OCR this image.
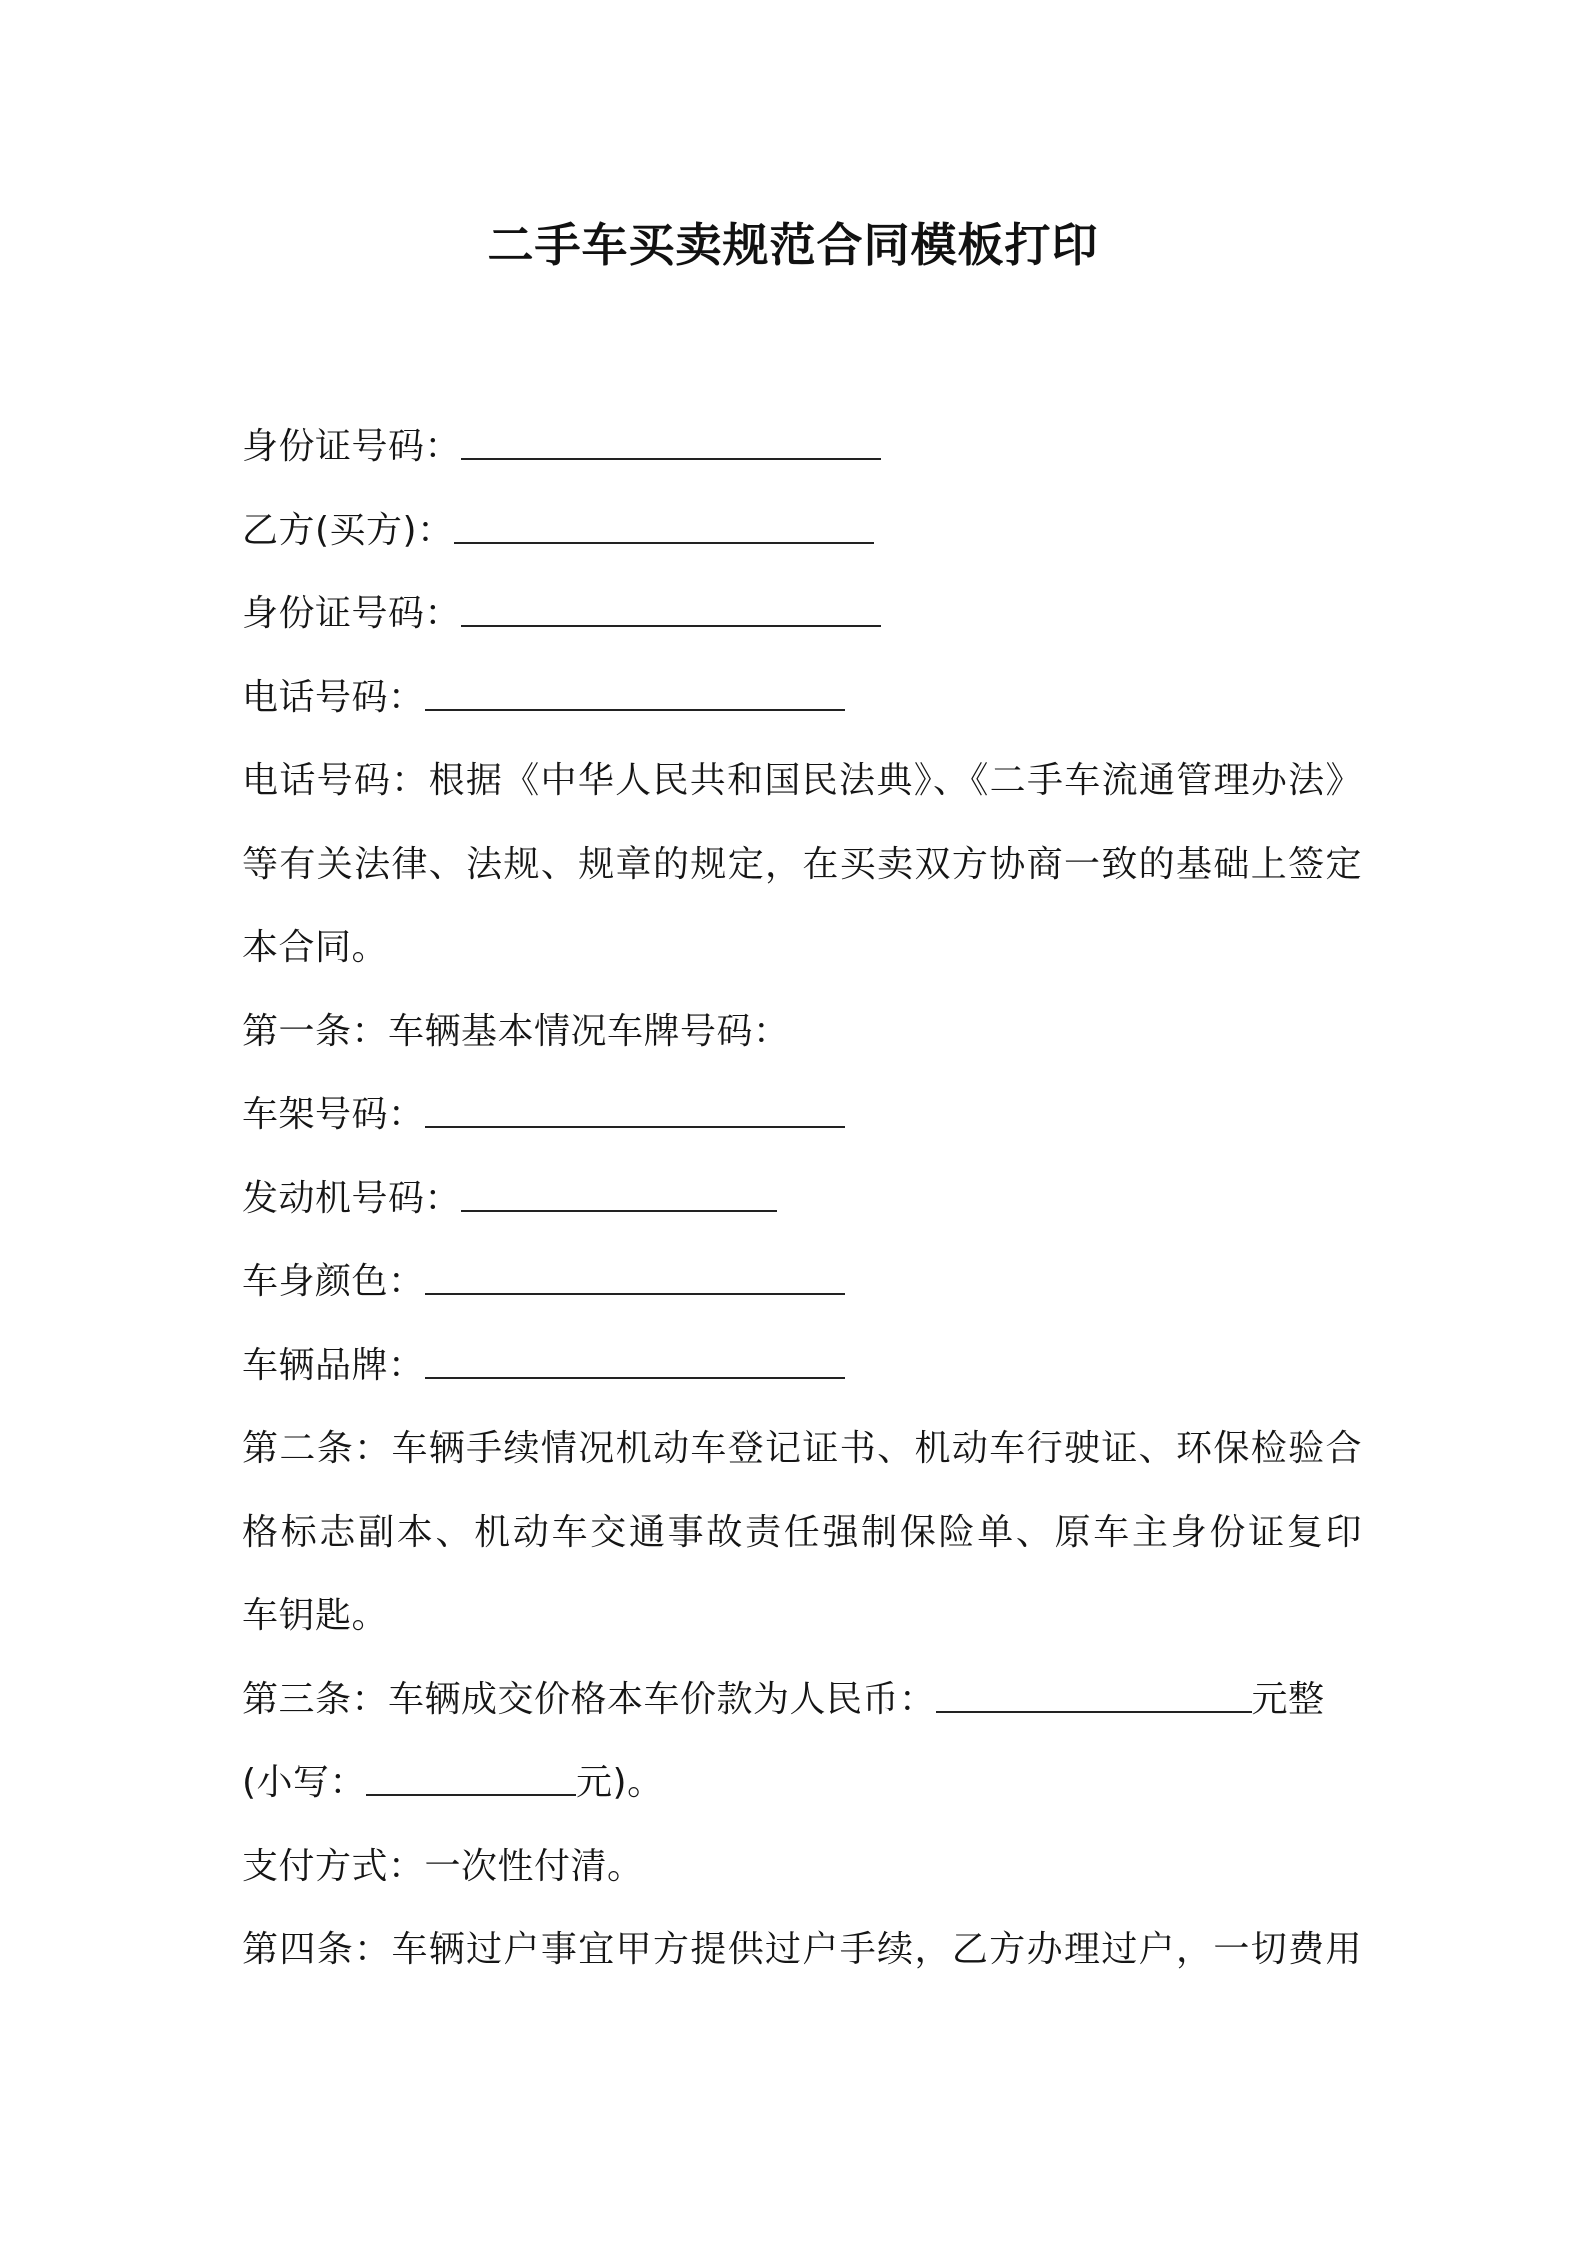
二手车买卖规范合同模板打印
身份证号码：
乙方(买方)：
身份证号码：
电话号码：
电话号码：根据《中华人民共和国民法典》、《二手车流通管理办法》
等有关法律、法规、规章的规定，在买卖双方协商一致的基础上签定
本合同。
第一条：车辆基本情况车牌号码：
车架号码：
发动机号码：
车身颜色：
车辆品牌：
第二条：车辆手续情况机动车登记证书、机动车行驶证、环保检验合
格标志副本、机动车交通事故责任强制保险单、原车主身份证复印
车钥匙。
第三条：车辆成交价格本车价款为人民币：	元整
(小写：	元)。
支付方式：一次性付清。
第四条：车辆过户事宜甲方提供过户手续，乙方办理过户，一切费用
